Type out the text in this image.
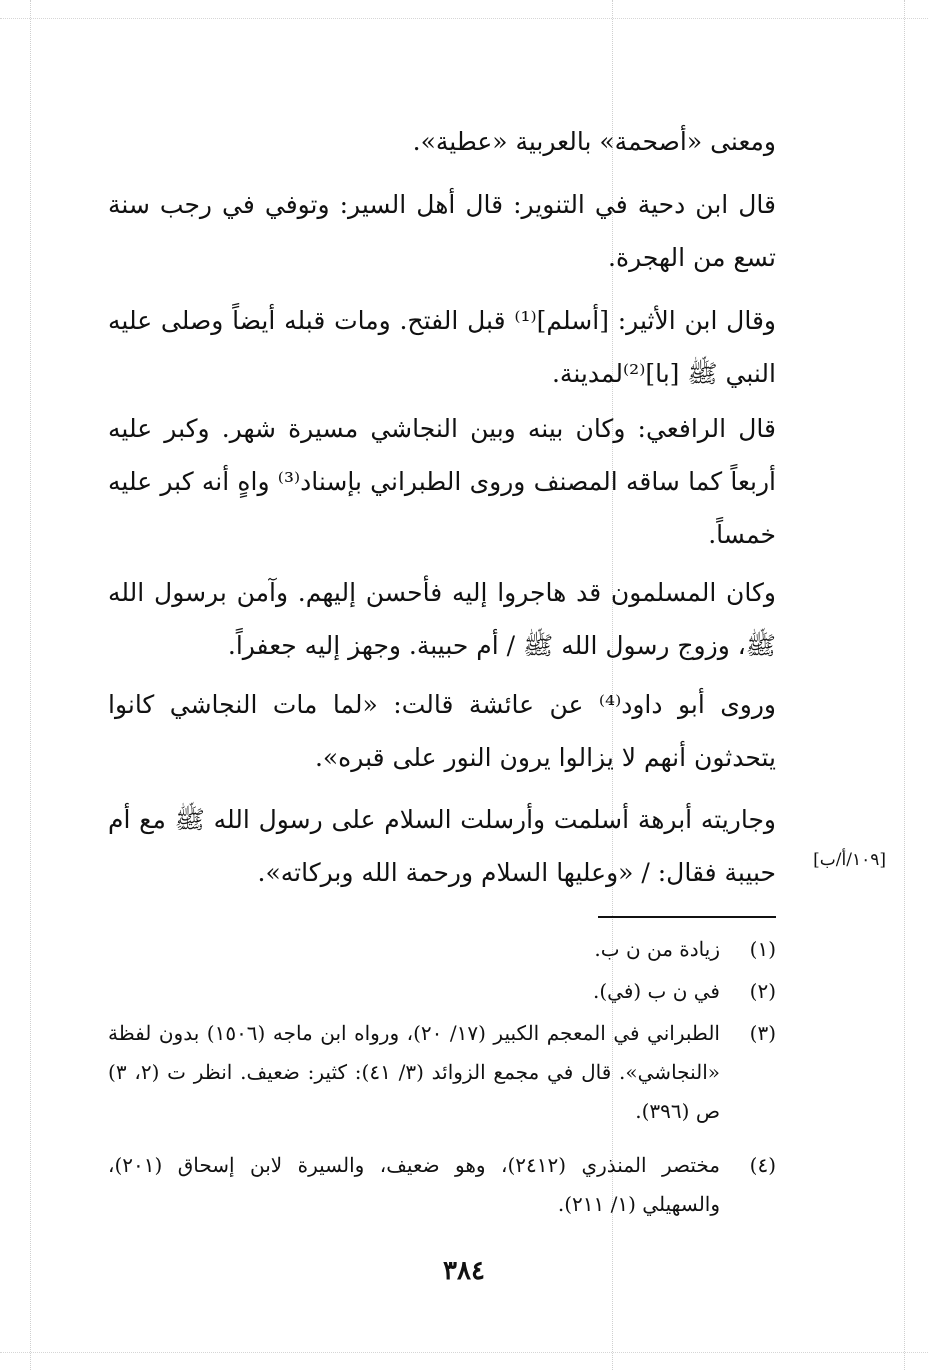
ومعنى «أصحمة» بالعربية «عطية».

قال ابن دحية في التنوير: قال أهل السير: وتوفي في رجب سنة تسع من الهجرة.

وقال ابن الأثير: [أسلم]⁽¹⁾ قبل الفتح. ومات قبله أيضاً وصلى عليه النبي ﷺ [با]⁽²⁾لمدينة.

قال الرافعي: وكان بينه وبين النجاشي مسيرة شهر. وكبر عليه أربعاً كما ساقه المصنف وروى الطبراني بإسناد⁽³⁾ واهٍ أنه كبر عليه خمساً.

وكان المسلمون قد هاجروا إليه فأحسن إليهم. وآمن برسول الله ﷺ، وزوج رسول الله ﷺ / أم حبيبة. وجهز إليه جعفراً.

وروى أبو داود⁽⁴⁾ عن عائشة قالت: «لما مات النجاشي كانوا يتحدثون أنهم لا يزالوا يرون النور على قبره».

وجاريته أبرهة أسلمت وأرسلت السلام على رسول الله ﷺ مع أم حبيبة فقال: / «وعليها السلام ورحمة الله وبركاته».	[١٠٩/أ/ب]
(١)
زيادة من ن ب.
(٢)
في ن ب (في).
(٣)
الطبراني في المعجم الكبير (١٧/ ٢٠)، ورواه ابن ماجه (١٥٠٦) بدون لفظة «النجاشي». قال في مجمع الزوائد (٣/ ٤١): كثير: ضعيف. انظر ت (٢، ٣) ص (٣٩٦).
(٤)
مختصر المنذري (٢٤١٢)، وهو ضعيف، والسيرة لابن إسحاق (٢٠١)، والسهيلي (١/ ٢١١).
٣٨٤
